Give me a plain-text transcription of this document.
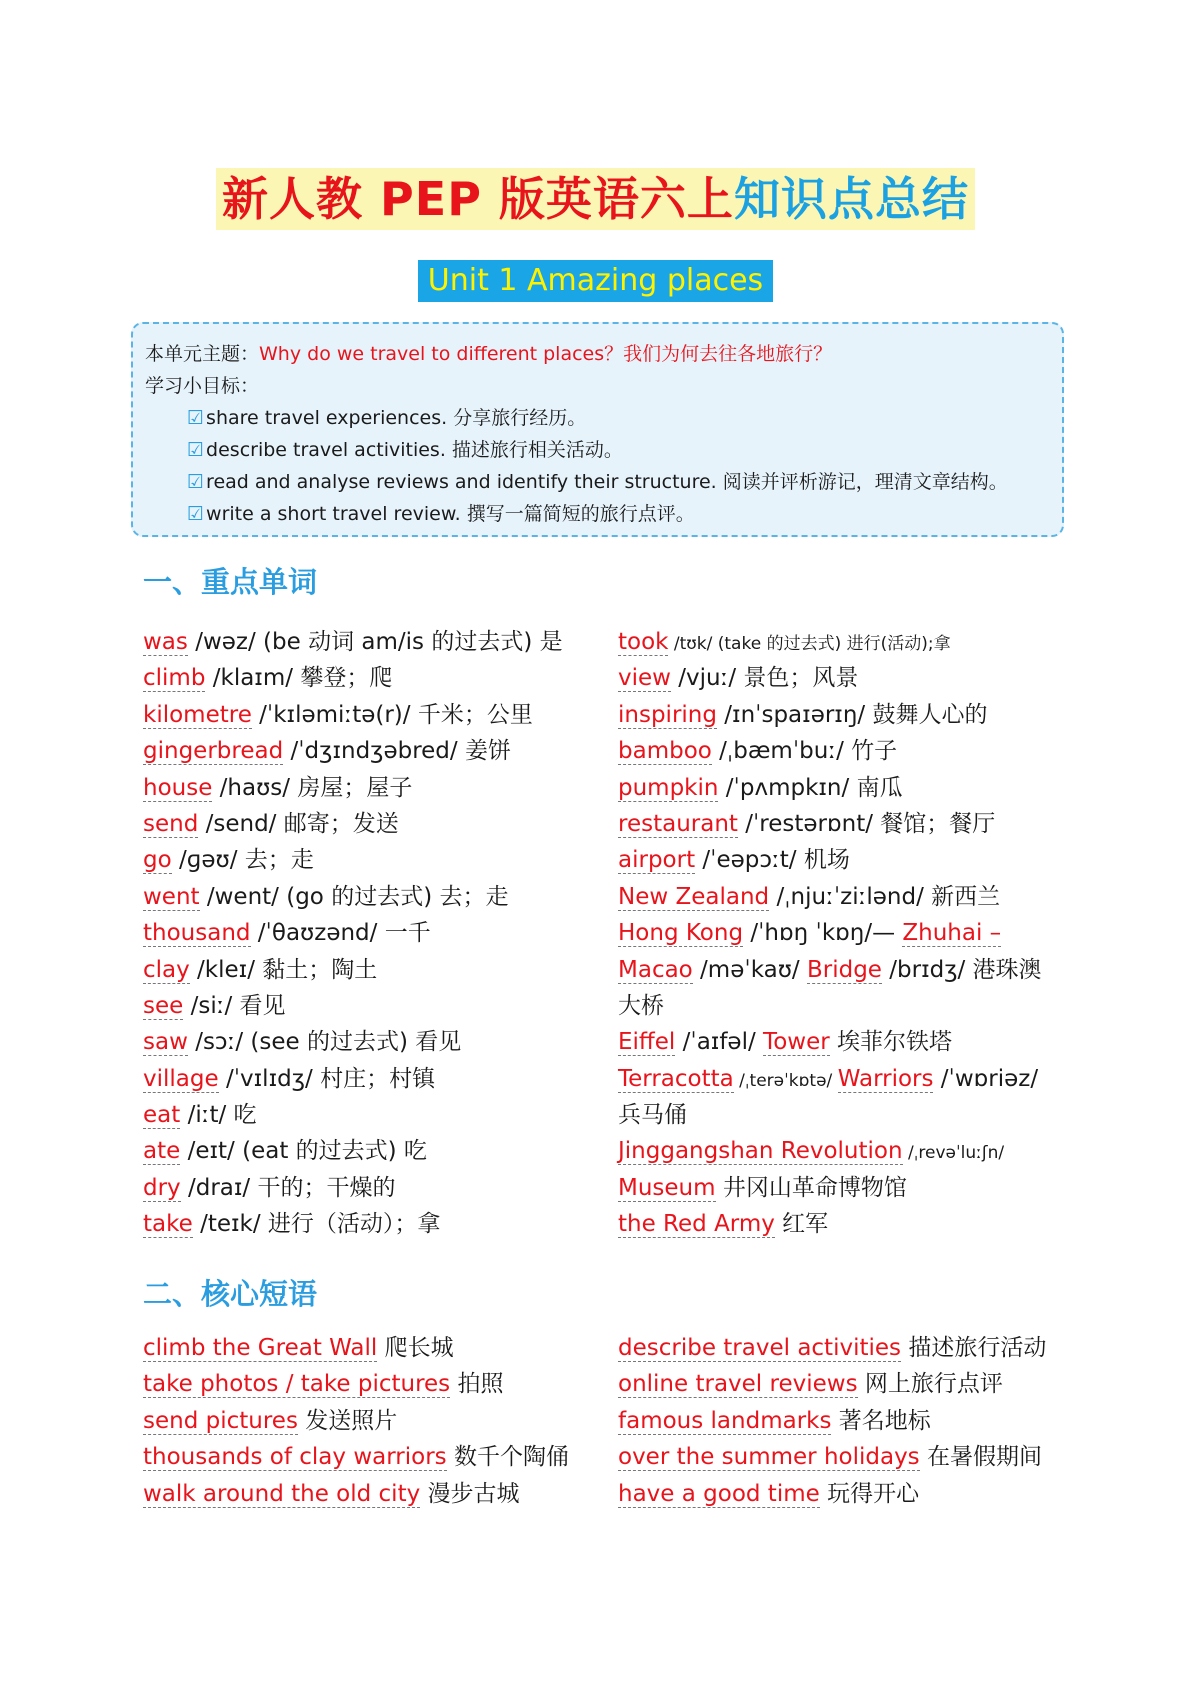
新人教 PEP 版英语六上知识点总结
Unit 1 Amazing places
本单元主题：Why do we travel to different places？我们为何去往各地旅行？
学习小目标：
☑ share travel experiences. 分享旅行经历。
☑ describe travel activities. 描述旅行相关活动。
☑ read and analyse reviews and identify their structure. 阅读并评析游记，理清文章结构。
☑ write a short travel review. 撰写一篇简短的旅行点评。
一、重点单词
was /wəz/ (be 动词 am/is 的过去式) 是
climb /klaɪm/ 攀登；爬
kilometre /ˈkɪləmiːtə(r)/ 千米；公里
gingerbread /ˈdʒɪndʒəbred/ 姜饼
house /haʊs/ 房屋；屋子
send /send/ 邮寄；发送
go /ɡəʊ/ 去；走
went /went/ (go 的过去式) 去；走
thousand /ˈθaʊzənd/ 一千
clay /kleɪ/ 黏土；陶土
see /siː/ 看见
saw /sɔː/ (see 的过去式) 看见
village /ˈvɪlɪdʒ/ 村庄；村镇
eat /iːt/ 吃
ate /eɪt/ (eat 的过去式) 吃
dry /draɪ/ 干的；干燥的
take /teɪk/ 进行（活动）；拿
took /tʊk/ (take 的过去式) 进行(活动);拿
view /vjuː/ 景色；风景
inspiring /ɪnˈspaɪərɪŋ/ 鼓舞人心的
bamboo /ˌbæmˈbuː/ 竹子
pumpkin /ˈpʌmpkɪn/ 南瓜
restaurant /ˈrestərɒnt/ 餐馆；餐厅
airport /ˈeəpɔːt/ 机场
New Zealand /ˌnjuːˈziːlənd/ 新西兰
Hong Kong /ˈhɒŋ ˈkɒŋ/— Zhuhai –
Macao /məˈkaʊ/ Bridge /brɪdʒ/ 港珠澳
大桥
Eiffel /ˈaɪfəl/ Tower 埃菲尔铁塔
Terracotta /ˌterəˈkɒtə/ Warriors /ˈwɒriəz/
兵马俑
Jinggangshan Revolution /ˌrevəˈluːʃn/
Museum 井冈山革命博物馆
the Red Army 红军
二、核心短语
climb the Great Wall 爬长城
take photos / take pictures 拍照
send pictures 发送照片
thousands of clay warriors 数千个陶俑
walk around the old city 漫步古城
describe travel activities 描述旅行活动
online travel reviews 网上旅行点评
famous landmarks 著名地标
over the summer holidays 在暑假期间
have a good time 玩得开心
